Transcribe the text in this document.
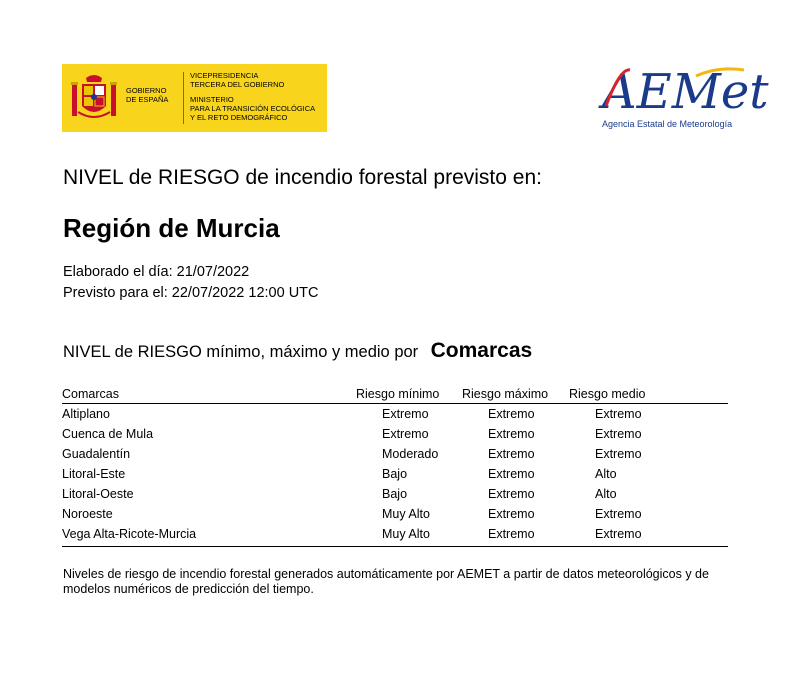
GOBIERNO DE ESPAÑA
VICEPRESIDENCIA
TERCERA DEL GOBIERNO
MINISTERIO
PARA LA TRANSICIÓN ECOLÓGICA
Y EL RETO DEMOGRÁFICO	AEMet
Agencia Estatal de Meteorología
NIVEL de RIESGO de incendio forestal previsto en:
Región de Murcia
Elaborado el día: 21/07/2022
Previsto para el: 22/07/2022 12:00 UTC
NIVEL de RIESGO mínimo, máximo y medio por Comarcas
Comarcas	Riesgo mínimo Riesgo máximo Riesgo medio
Altiplano	Extremo	Extremo	Extremo
Cuenca de Mula	Extremo	Extremo	Extremo
Guadalentín	Moderado	Extremo	Extremo
Litoral-Este	Bajo	Extremo	Alto
Litoral-Oeste	Bajo	Extremo	Alto
Noroeste	Muy Alto	Extremo	Extremo
Vega Alta-Ricote-Murcia	Muy Alto	Extremo	Extremo
Niveles de riesgo de incendio forestal generados automáticamente por AEMET a partir de datos meteorológicos y de modelos numéricos de predicción del tiempo.
